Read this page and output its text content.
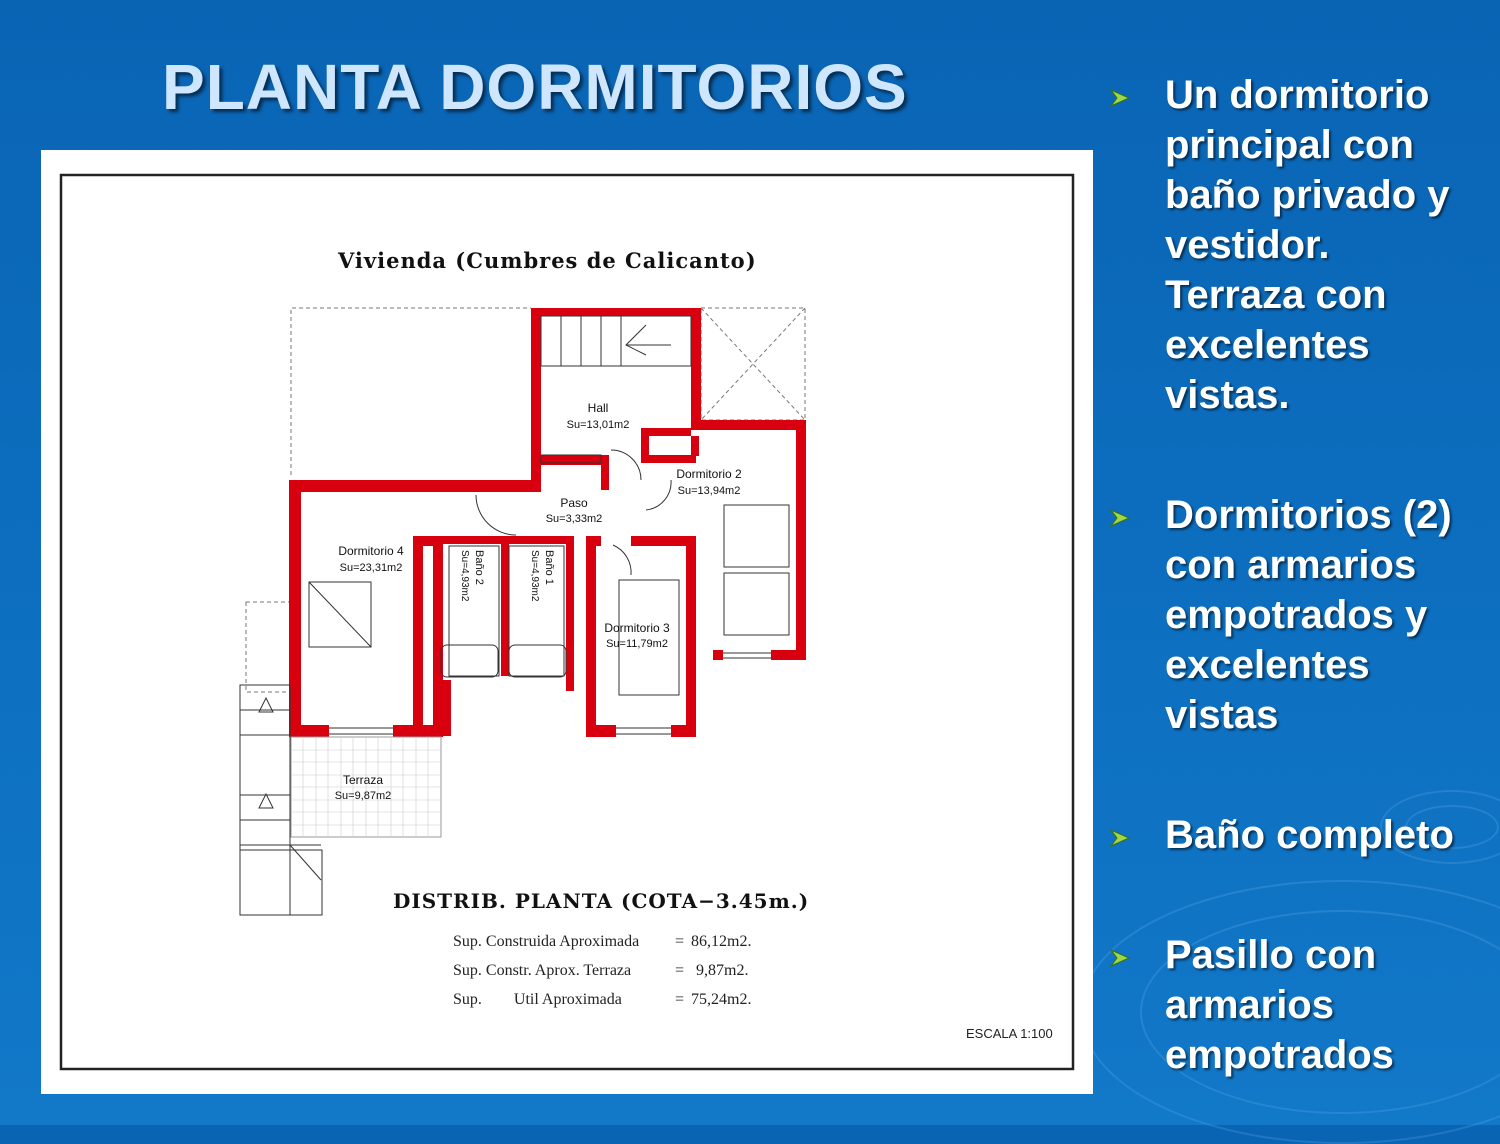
PLANTA DORMITORIOS
Vivienda (Cumbres de Calicanto)
Hall
Su=13,01m2
Dormitorio 2
Su=13,94m2
Paso
Su=3,33m2
Dormitorio 4
Su=23,31m2	Baño 2
Su=4,93m2	Baño 1
Su=4,93m2
Dormitorio 3
Su=11,79m2
Terraza
Su=9,87m2
DISTRIB. PLANTA (COTA−3.45m.)
Sup. Construida Aproximada = 86,12m2.
Sup. Constr. Aprox. Terraza	= 9,87m2.
Sup.        Util Aproximada	= 75,24m2.
ESCALA 1:100
Un dormitorio
principal con
baño privado y
vestidor.
Terraza con
excelentes
vistas.
Dormitorios (2)
con armarios
empotrados y
excelentes
vistas
Baño completo
Pasillo con
armarios
empotrados
